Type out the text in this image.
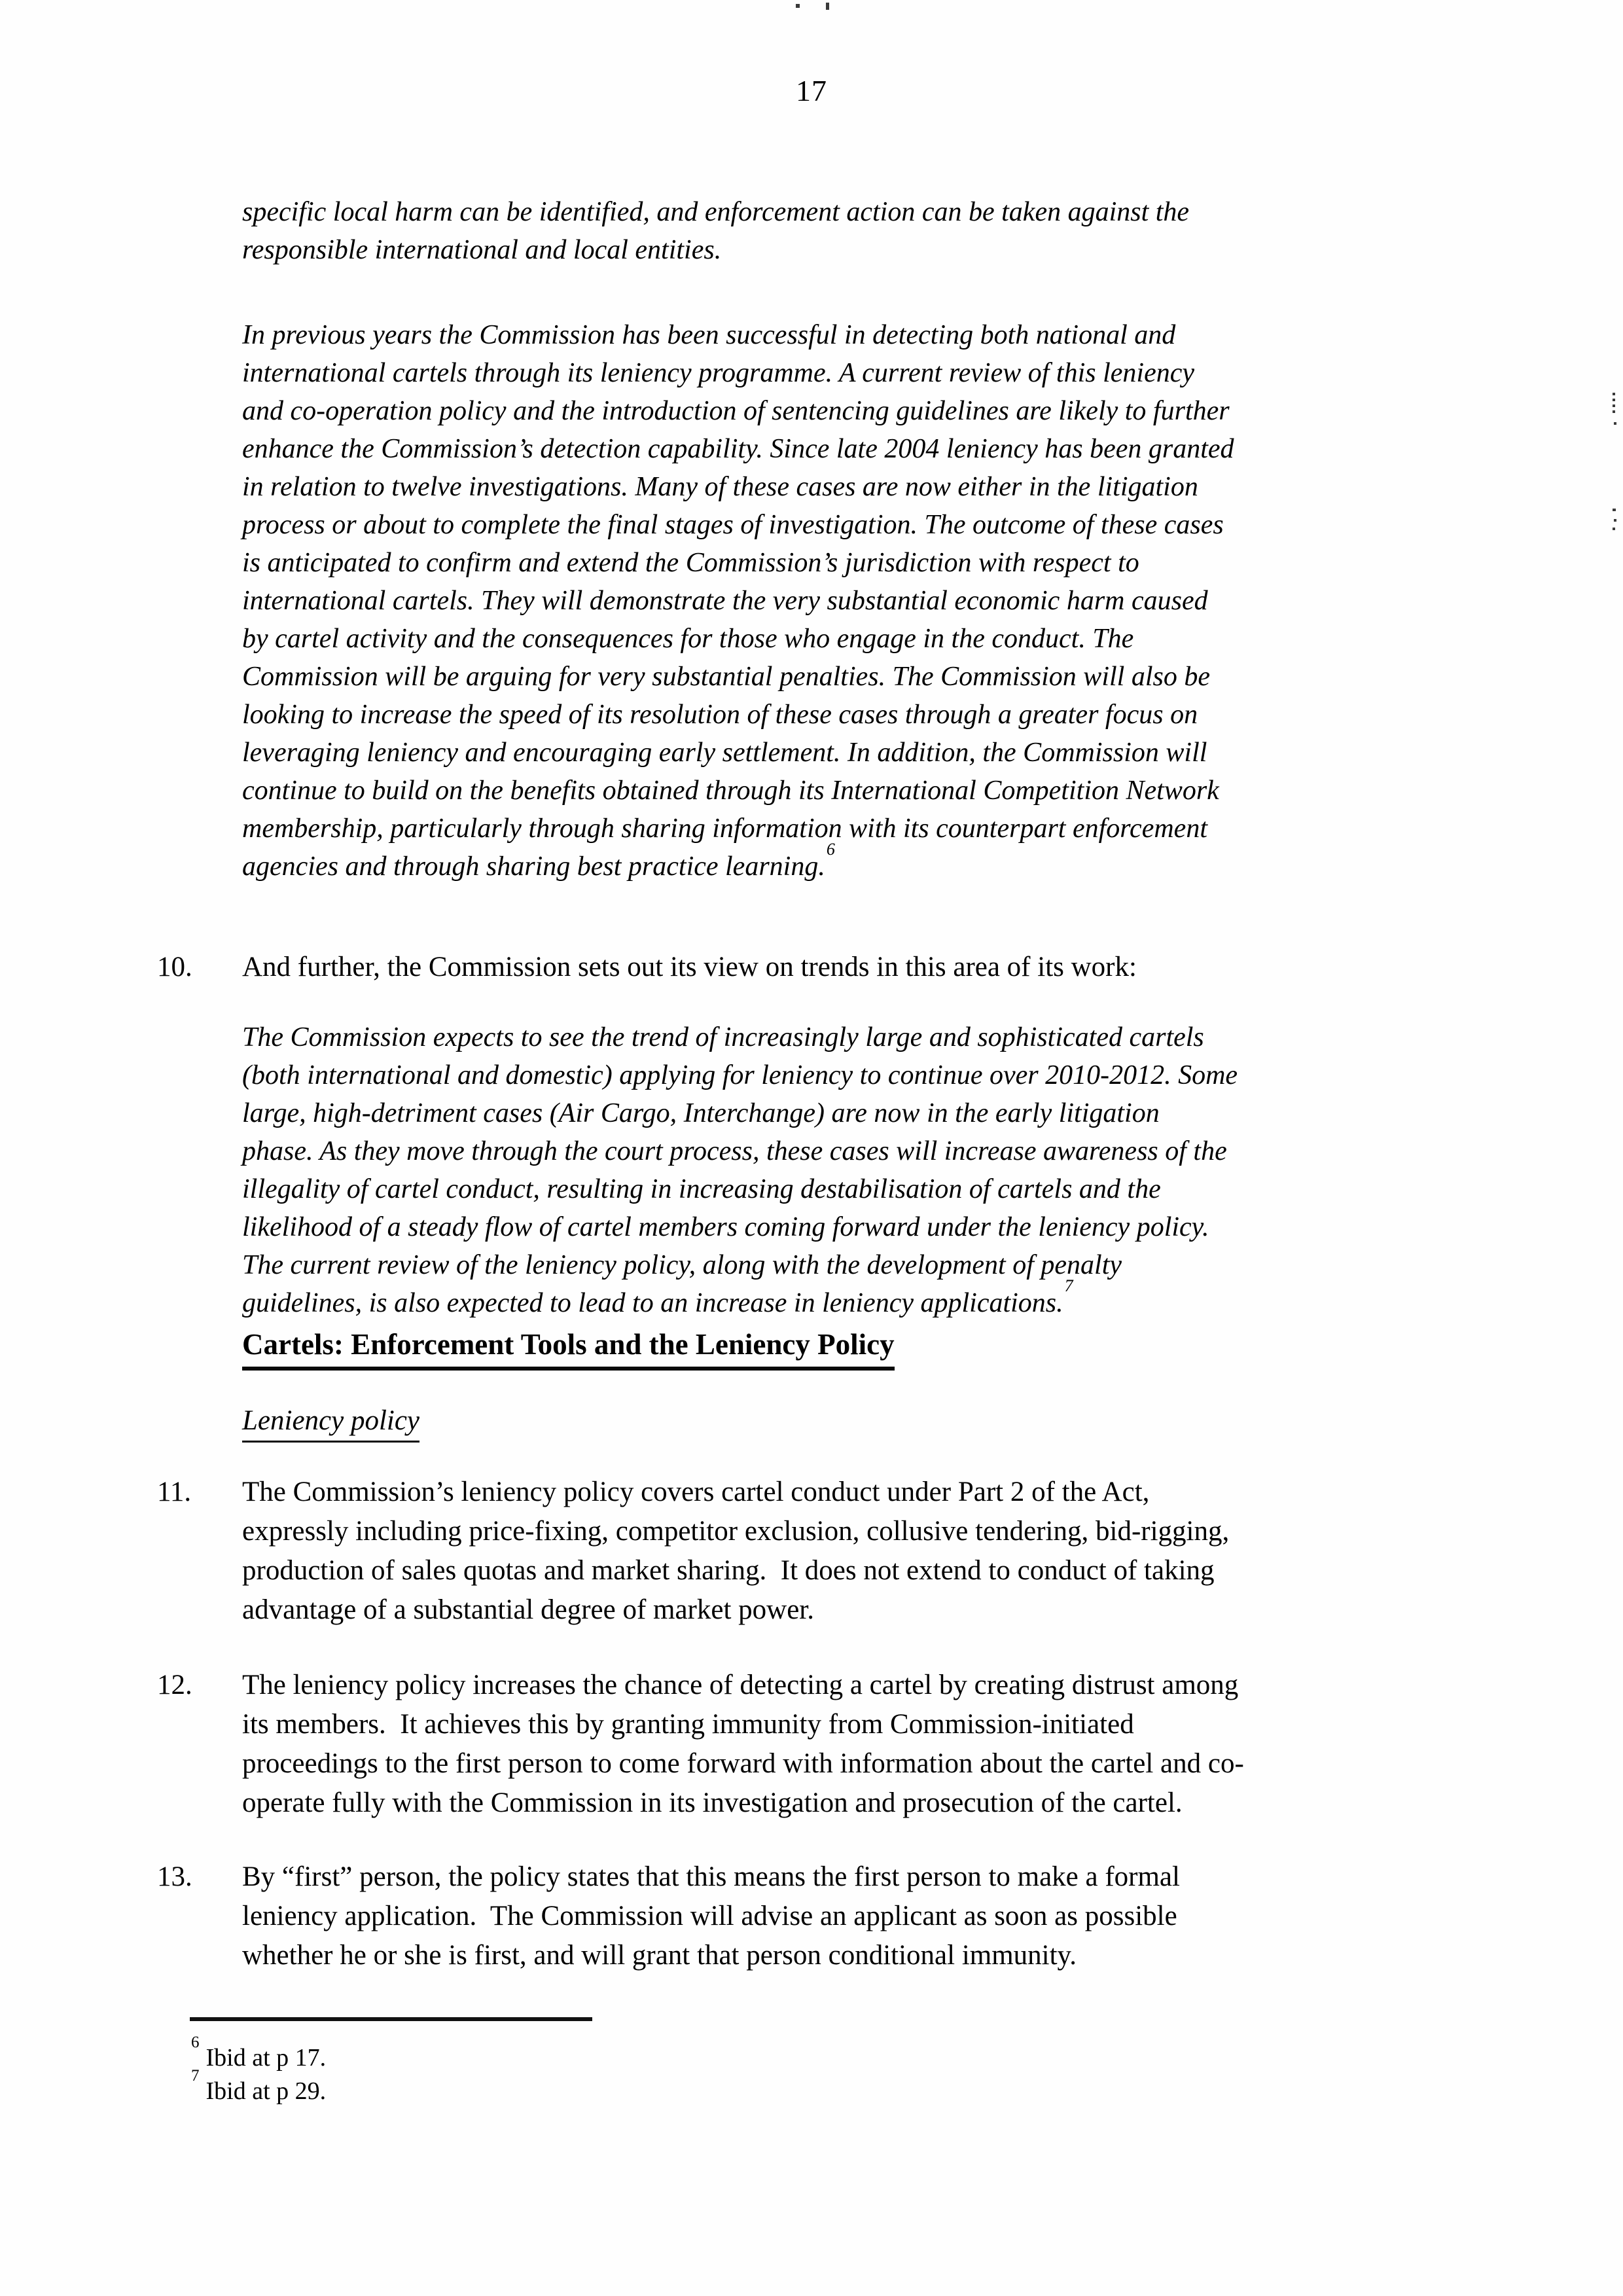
17
specific local harm can be identified, and enforcement action can be taken against the
responsible international and local entities.
In previous years the Commission has been successful in detecting both national and
international cartels through its leniency programme. A current review of this leniency
and co-operation policy and the introduction of sentencing guidelines are likely to further
enhance the Commission’s detection capability. Since late 2004 leniency has been granted
in relation to twelve investigations. Many of these cases are now either in the litigation
process or about to complete the final stages of investigation. The outcome of these cases
is anticipated to confirm and extend the Commission’s jurisdiction with respect to
international cartels. They will demonstrate the very substantial economic harm caused
by cartel activity and the consequences for those who engage in the conduct. The
Commission will be arguing for very substantial penalties. The Commission will also be
looking to increase the speed of its resolution of these cases through a greater focus on
leveraging leniency and encouraging early settlement. In addition, the Commission will
continue to build on the benefits obtained through its International Competition Network
membership, particularly through sharing information with its counterpart enforcement
agencies and through sharing best practice learning.$^6$
10.	And further, the Commission sets out its view on trends in this area of its work:
The Commission expects to see the trend of increasingly large and sophisticated cartels
(both international and domestic) applying for leniency to continue over 2010-2012. Some
large, high-detriment cases (Air Cargo, Interchange) are now in the early litigation
phase. As they move through the court process, these cases will increase awareness of the
illegality of cartel conduct, resulting in increasing destabilisation of cartels and the
likelihood of a steady flow of cartel members coming forward under the leniency policy.
The current review of the leniency policy, along with the development of penalty
guidelines, is also expected to lead to an increase in leniency applications.$^7$
Cartels: Enforcement Tools and the Leniency Policy
Leniency policy
11.	The Commission’s leniency policy covers cartel conduct under Part 2 of the Act,
expressly including price-fixing, competitor exclusion, collusive tendering, bid-rigging,
production of sales quotas and market sharing.  It does not extend to conduct of taking
advantage of a substantial degree of market power.
12.	The leniency policy increases the chance of detecting a cartel by creating distrust among
its members.  It achieves this by granting immunity from Commission-initiated
proceedings to the first person to come forward with information about the cartel and co-
operate fully with the Commission in its investigation and prosecution of the cartel.
13.	By “first” person, the policy states that this means the first person to make a formal
leniency application.  The Commission will advise an applicant as soon as possible
whether he or she is first, and will grant that person conditional immunity.
$^6$Ibid at p 17.
$^7$Ibid at p 29.
